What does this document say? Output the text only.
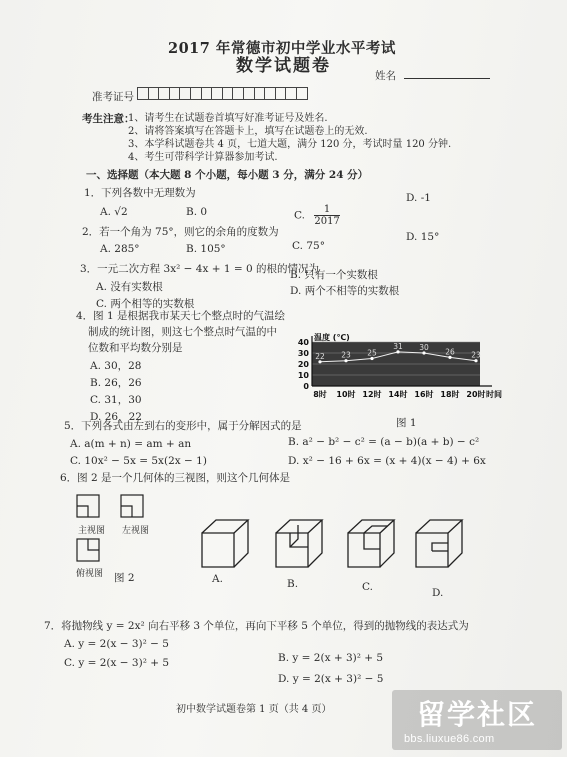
2017 年常德市初中学业水平考试
数学试题卷	姓名
准考证号
考生注意：
1、请考生在试题卷首填写好准考证号及姓名.
2、请将答案填写在答题卡上，填写在试题卷上的无效.
3、本学科试题卷共 4 页，七道大题，满分 120 分，考试时量 120 分钟.
4、考生可带科学计算器参加考试.
一、选择题（本大题 8 个小题，每小题 3 分，满分 24 分）
1．下列各数中无理数为
A. √2	B. 0	C. $\frac{1}{2017}$
D. -1
2．若一个角为 75°，则它的余角的度数为
A. 285°	B. 105°	C. 75°
D. 15°
3．一元二次方程 3x² − 4x + 1 = 0 的根的情况为
A. 没有实数根
B. 只有一个实数根
C. 两个相等的实数根
D. 两个不相等的实数根
4．图 1 是根据我市某天七个整点时的气温绘
制成的统计图，则这七个整点时气温的中
位数和平均数分别是
A. 30，28
B. 26，26
C. 31，30
D. 26，22
0
10
20
30
40
温度 (℃)
时间
8时 10时 12时 14时 16时 18时 20时
22 23 25
31 30 26 23
图 1
5．下列各式由左到右的变形中，属于分解因式的是
A. a(m + n) = am + an	B. a² − b² − c² = (a − b)(a + b) − c²
C. 10x² − 5x = 5x(2x − 1)	D. x² − 16 + 6x = (x + 4)(x − 4) + 6x
6．图 2 是一个几何体的三视图，则这个几何体是
主视图 左视图
俯视图 图 2	A.	B.	C.	D.
7．将抛物线 y = 2x² 向右平移 3 个单位，再向下平移 5 个单位，得到的抛物线的表达式为
A. y = 2(x − 3)² − 5
C. y = 2(x − 3)² + 5	B. y = 2(x + 3)² + 5
D. y = 2(x + 3)² − 5
初中数学试题卷第 1 页（共 4 页）	留学社区
bbs.liuxue86.com
